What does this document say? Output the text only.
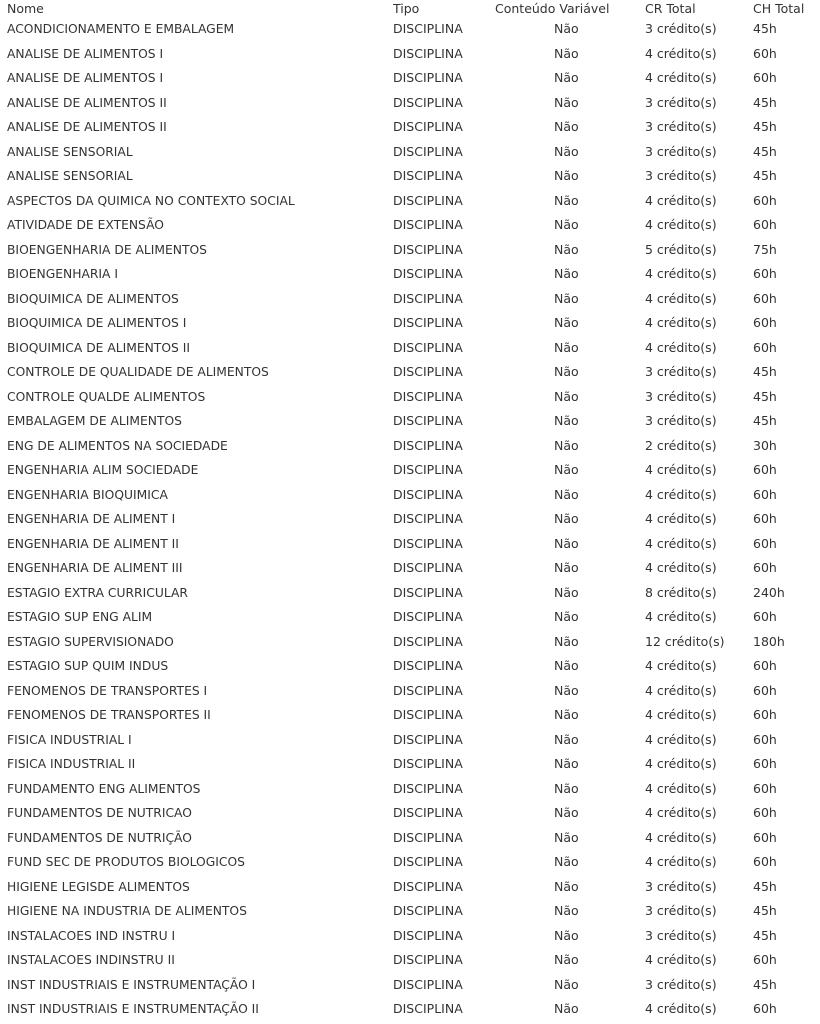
Nome	Tipo	Conteúdo Variável	CR Total	CH Total
ACONDICIONAMENTO E EMBALAGEM	DISCIPLINA	Não	3 crédito(s)	45h
ANALISE DE ALIMENTOS I	DISCIPLINA	Não	4 crédito(s)	60h
ANALISE DE ALIMENTOS I	DISCIPLINA	Não	4 crédito(s)	60h
ANALISE DE ALIMENTOS II	DISCIPLINA	Não	3 crédito(s)	45h
ANALISE DE ALIMENTOS II	DISCIPLINA	Não	3 crédito(s)	45h
ANALISE SENSORIAL	DISCIPLINA	Não	3 crédito(s)	45h
ANALISE SENSORIAL	DISCIPLINA	Não	3 crédito(s)	45h
ASPECTOS DA QUIMICA NO CONTEXTO SOCIAL	DISCIPLINA	Não	4 crédito(s)	60h
ATIVIDADE DE EXTENSÃO	DISCIPLINA	Não	4 crédito(s)	60h
BIOENGENHARIA DE ALIMENTOS	DISCIPLINA	Não	5 crédito(s)	75h
BIOENGENHARIA I	DISCIPLINA	Não	4 crédito(s)	60h
BIOQUIMICA DE ALIMENTOS	DISCIPLINA	Não	4 crédito(s)	60h
BIOQUIMICA DE ALIMENTOS I	DISCIPLINA	Não	4 crédito(s)	60h
BIOQUIMICA DE ALIMENTOS II	DISCIPLINA	Não	4 crédito(s)	60h
CONTROLE DE QUALIDADE DE ALIMENTOS	DISCIPLINA	Não	3 crédito(s)	45h
CONTROLE QUALDE ALIMENTOS	DISCIPLINA	Não	3 crédito(s)	45h
EMBALAGEM DE ALIMENTOS	DISCIPLINA	Não	3 crédito(s)	45h
ENG DE ALIMENTOS NA SOCIEDADE	DISCIPLINA	Não	2 crédito(s)	30h
ENGENHARIA ALIM SOCIEDADE	DISCIPLINA	Não	4 crédito(s)	60h
ENGENHARIA BIOQUIMICA	DISCIPLINA	Não	4 crédito(s)	60h
ENGENHARIA DE ALIMENT I	DISCIPLINA	Não	4 crédito(s)	60h
ENGENHARIA DE ALIMENT II	DISCIPLINA	Não	4 crédito(s)	60h
ENGENHARIA DE ALIMENT III	DISCIPLINA	Não	4 crédito(s)	60h
ESTAGIO EXTRA CURRICULAR	DISCIPLINA	Não	8 crédito(s)	240h
ESTAGIO SUP ENG ALIM	DISCIPLINA	Não	4 crédito(s)	60h
ESTAGIO SUPERVISIONADO	DISCIPLINA	Não	12 crédito(s)	180h
ESTAGIO SUP QUIM INDUS	DISCIPLINA	Não	4 crédito(s)	60h
FENOMENOS DE TRANSPORTES I	DISCIPLINA	Não	4 crédito(s)	60h
FENOMENOS DE TRANSPORTES II	DISCIPLINA	Não	4 crédito(s)	60h
FISICA INDUSTRIAL I	DISCIPLINA	Não	4 crédito(s)	60h
FISICA INDUSTRIAL II	DISCIPLINA	Não	4 crédito(s)	60h
FUNDAMENTO ENG ALIMENTOS	DISCIPLINA	Não	4 crédito(s)	60h
FUNDAMENTOS DE NUTRICAO	DISCIPLINA	Não	4 crédito(s)	60h
FUNDAMENTOS DE NUTRIÇÃO	DISCIPLINA	Não	4 crédito(s)	60h
FUND SEC DE PRODUTOS BIOLOGICOS	DISCIPLINA	Não	4 crédito(s)	60h
HIGIENE LEGISDE ALIMENTOS	DISCIPLINA	Não	3 crédito(s)	45h
HIGIENE NA INDUSTRIA DE ALIMENTOS	DISCIPLINA	Não	3 crédito(s)	45h
INSTALACOES IND INSTRU I	DISCIPLINA	Não	3 crédito(s)	45h
INSTALACOES INDINSTRU II	DISCIPLINA	Não	4 crédito(s)	60h
INST INDUSTRIAIS E INSTRUMENTAÇÃO I	DISCIPLINA	Não	3 crédito(s)	45h
INST INDUSTRIAIS E INSTRUMENTAÇÃO II	DISCIPLINA	Não	4 crédito(s)	60h
